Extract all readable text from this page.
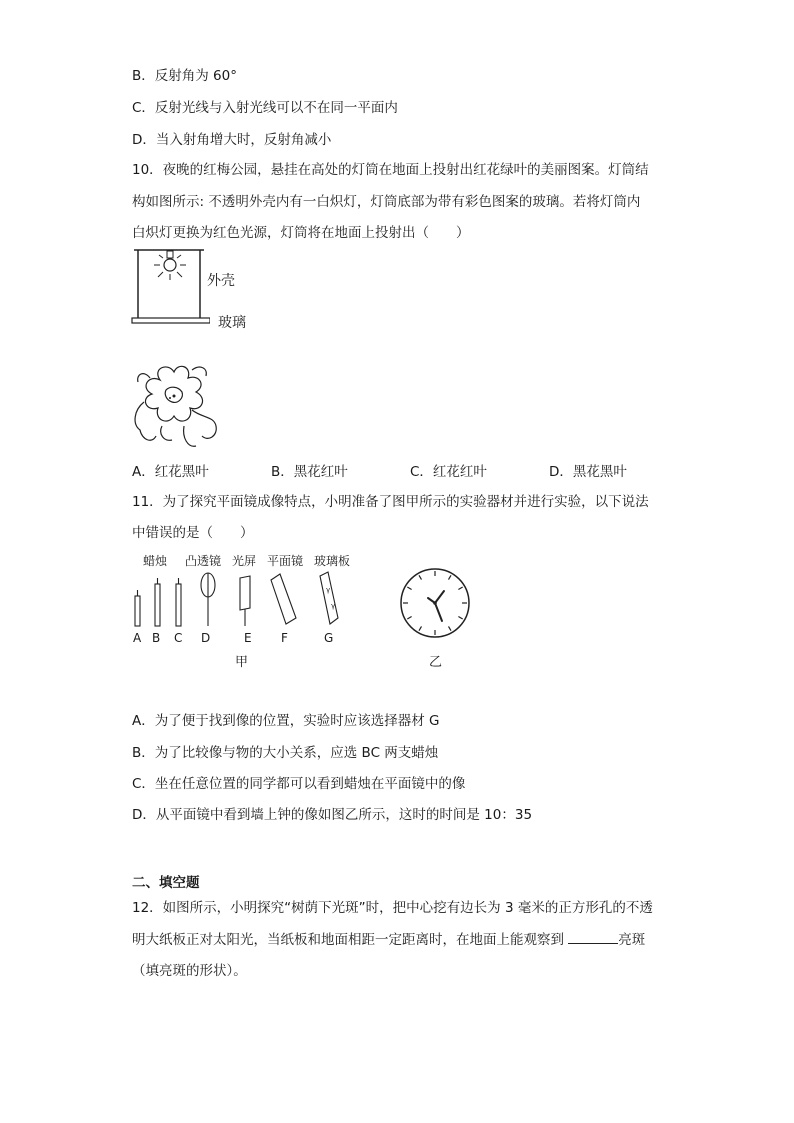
B．反射角为 60°
C．反射光线与入射光线可以不在同一平面内
D．当入射角增大时，反射角减小
10．夜晚的红梅公园，悬挂在高处的灯筒在地面上投射出红花绿叶的美丽图案。灯筒结
构如图所示: 不透明外壳内有一白炽灯，灯筒底部为带有彩色图案的玻璃。若将灯筒内
白炽灯更换为红色光源，灯筒将在地面上投射出（　　）
外壳
玻璃
A．红花黑叶	B．黑花红叶	C．红花红叶	D．黑花黑叶
11．为了探究平面镜成像特点，小明准备了图甲所示的实验器材并进行实验，以下说法
中错误的是（　　）
蜡烛 凸透镜 光屏 平面镜 玻璃板
γ
γ
A B C D	E F	G
甲	乙
A．为了便于找到像的位置，实验时应该选择器材 G
B．为了比较像与物的大小关系，应选 BC 两支蜡烛
C．坐在任意位置的同学都可以看到蜡烛在平面镜中的像
D．从平面镜中看到墙上钟的像如图乙所示，这时的时间是 10：35
二、填空题
12．如图所示，小明探究“树荫下光斑”时，把中心挖有边长为 3 毫米的正方形孔的不透
明大纸板正对太阳光，当纸板和地面相距一定距离时，在地面上能观察到	亮斑
（填亮斑的形状）。
